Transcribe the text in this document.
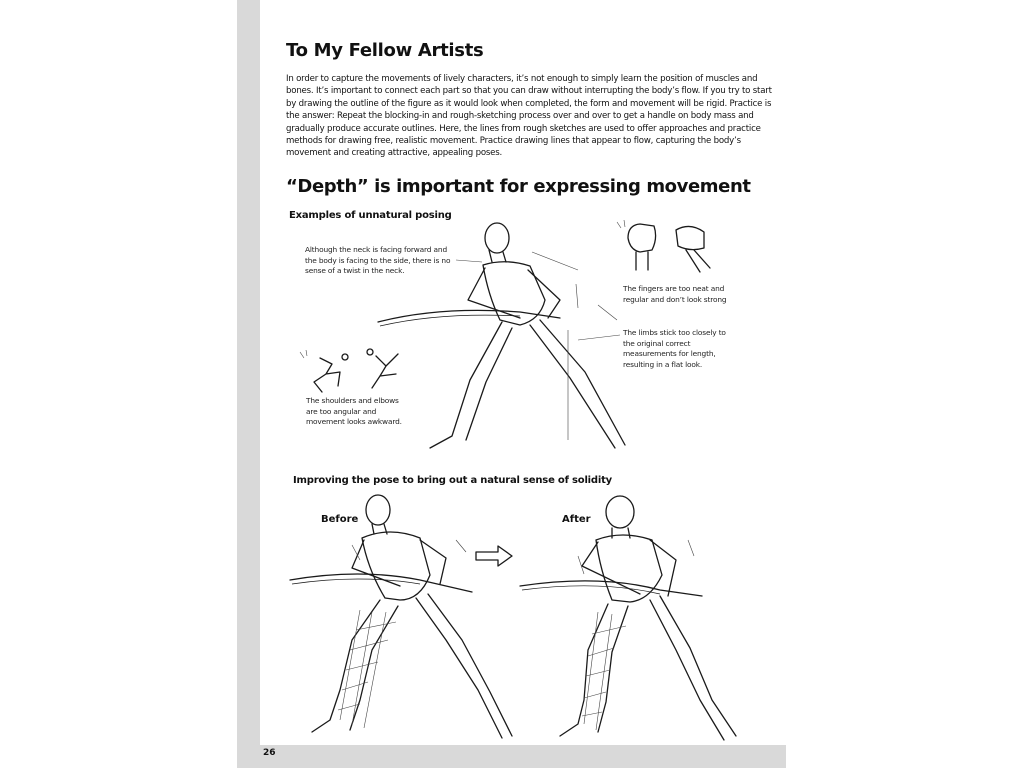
To My Fellow Artists
In order to capture the movements of lively characters, it’s not enough to simply learn the position of muscles and bones. It’s important to connect each part so that you can draw without interrupting the body’s flow. If you try to start by drawing the outline of the figure as it would look when completed, the form and movement will be rigid. Practice is the answer: Repeat the blocking-in and rough-sketching process over and over to get a handle on body mass and gradually produce accurate outlines. Here, the lines from rough sketches are used to offer approaches and practice methods for drawing free, realistic movement. Practice drawing lines that appear to flow, capturing the body’s movement and creating attractive, appealing poses.
“Depth” is important for expressing movement
Examples of unnatural posing
Although the neck is facing forward and the body is facing to the side, there is no sense of a twist in the neck.
The fingers are too neat and regular and don’t look strong
The limbs stick too closely to the original correct measurements for length, resulting in a flat look.
The shoulders and elbows are too angular and movement looks awkward.
Improving the pose to bring out a natural sense of solidity
Before	After
26
